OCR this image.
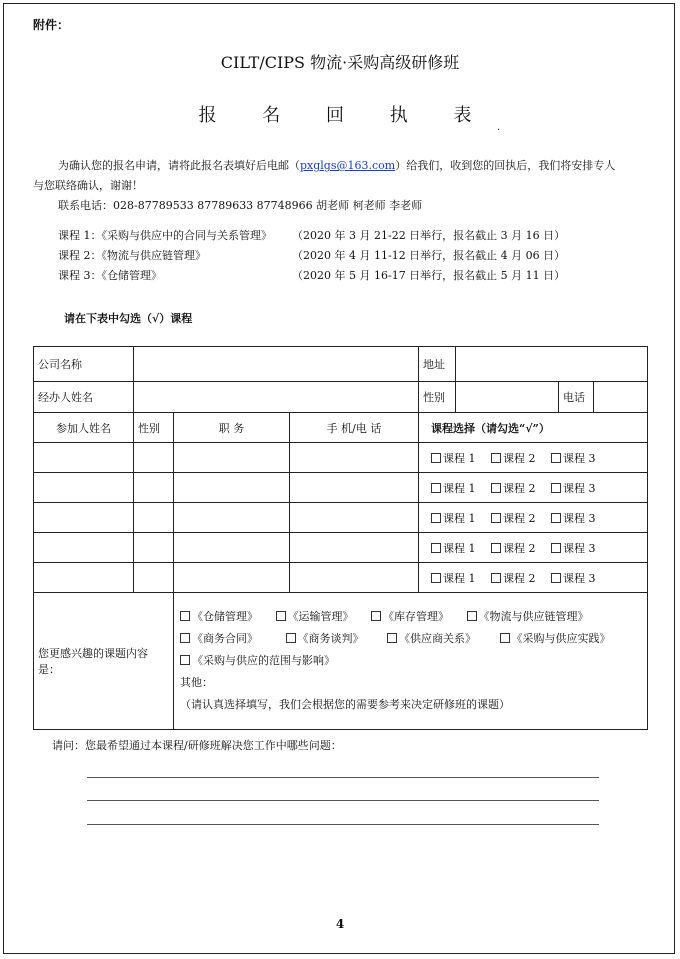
附件：
CILT/CIPS 物流·采购高级研修班
报 名 回 执 表
.
为确认您的报名申请，请将此报名表填好后电邮（pxglgs@163.com）给我们，收到您的回执后，我们将安排专人
与您联络确认，谢谢！
联系电话：028-87789533 87789633 87748966 胡老师 柯老师 李老师
课程 1：《采购与供应中的合同与关系管理》 （2020 年 3 月 21-22 日举行，报名截止 3 月 16 日）
课程 2：《物流与供应链管理》	（2020 年 4 月 11-12 日举行，报名截止 4 月 06 日）
课程 3：《仓储管理》	（2020 年 5 月 16-17 日举行，报名截止 5 月 11 日）
请在下表中勾选（√）课程
公司名称			地址	

经办人姓名			性别		电话	

参加人姓名	性别	职 务	手 机/电 话	课程选择（请勾选“√”）
				课程 1	课程 2	课程 3
				课程 1	课程 2	课程 3
				课程 1	课程 2	课程 3
				课程 1	课程 2	课程 3
				课程 1	课程 2	课程 3
您更感兴趣的课题内容是：	
《仓储管理》	《运输管理》	《库存管理》	《物流与供应链管理》
《商务合同》	《商务谈判》	《供应商关系》	《采购与供应实践》
《采购与供应的范围与影响》
其他：
（请认真选择填写，我们会根据您的需要参考来决定研修班的课题）
请问：您最希望通过本课程/研修班解决您工作中哪些问题：
4
